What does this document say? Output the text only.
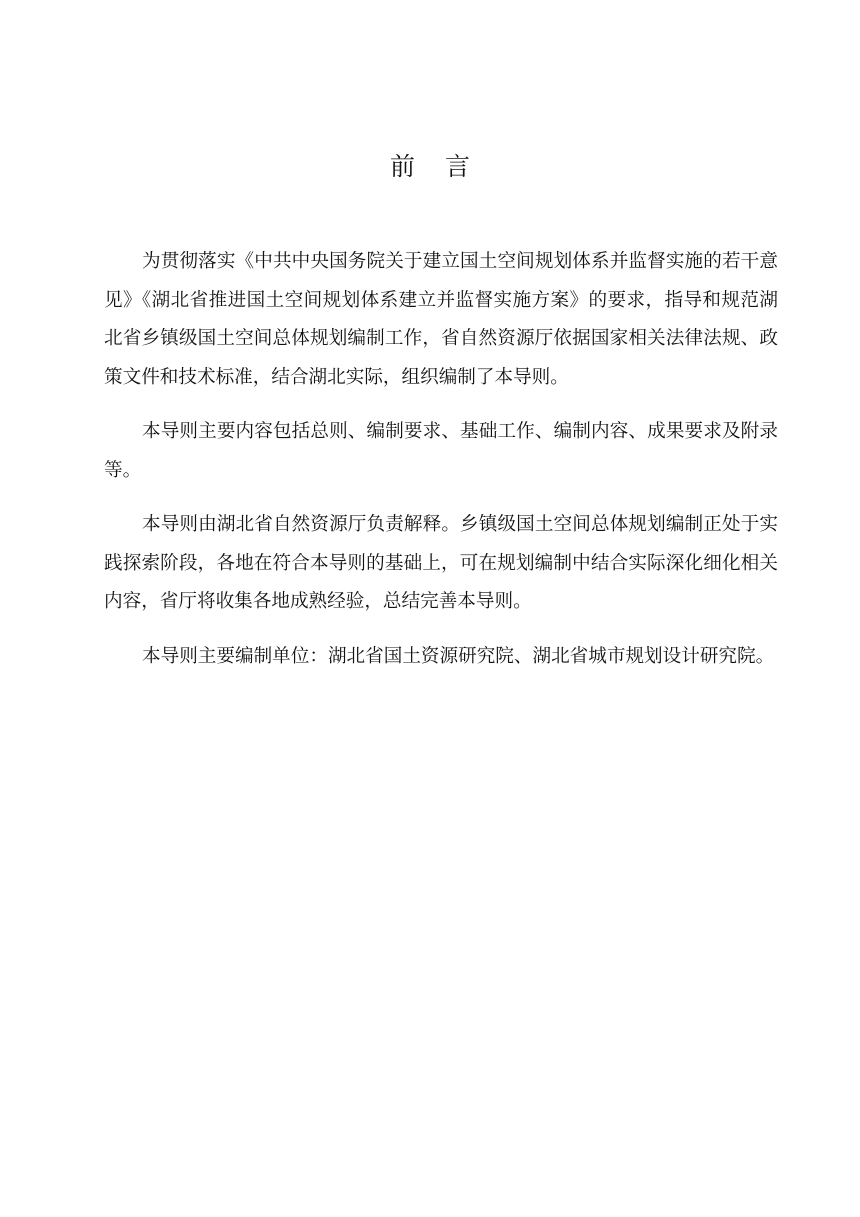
前言

为贯彻落实《中共中央国务院关于建立国土空间规划体系并监督实施的若干意见》《湖北省推进国土空间规划体系建立并监督实施方案》的要求，指导和规范湖北省乡镇级国土空间总体规划编制工作，省自然资源厅依据国家相关法律法规、政策文件和技术标准，结合湖北实际，组织编制了本导则。

本导则主要内容包括总则、编制要求、基础工作、编制内容、成果要求及附录等。

本导则由湖北省自然资源厅负责解释。乡镇级国土空间总体规划编制正处于实践探索阶段，各地在符合本导则的基础上，可在规划编制中结合实际深化细化相关内容，省厅将收集各地成熟经验，总结完善本导则。

本导则主要编制单位：湖北省国土资源研究院、湖北省城市规划设计研究院。
